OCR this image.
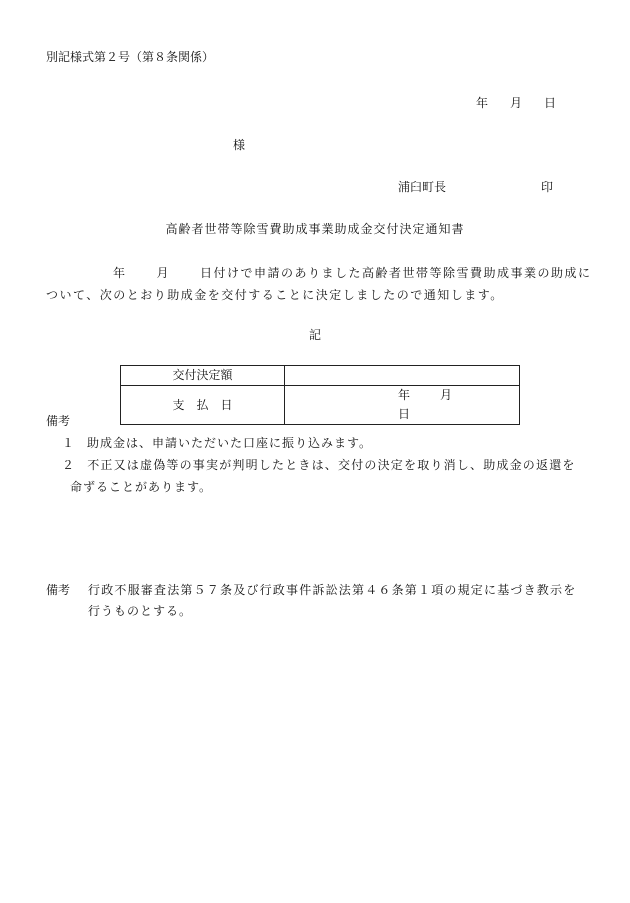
別記様式第２号（第８条関係）
年 月 日
様
浦臼町長	印
高齢者世帯等除雪費助成事業助成金交付決定通知書
年	月	日付けで申請のありました高齢者世帯等除雪費助成事業の助成に
ついて、次のとおり助成金を交付することに決定しましたので通知します。
記
交付決定額	
支　払　日	年 月日
備考
１ 助成金は、申請いただいた口座に振り込みます。
２ 不正又は虚偽等の事実が判明したときは、交付の決定を取り消し、助成金の返還を
命ずることがあります。
備考 行政不服審査法第５７条及び行政事件訴訟法第４６条第１項の規定に基づき教示を
行うものとする。
